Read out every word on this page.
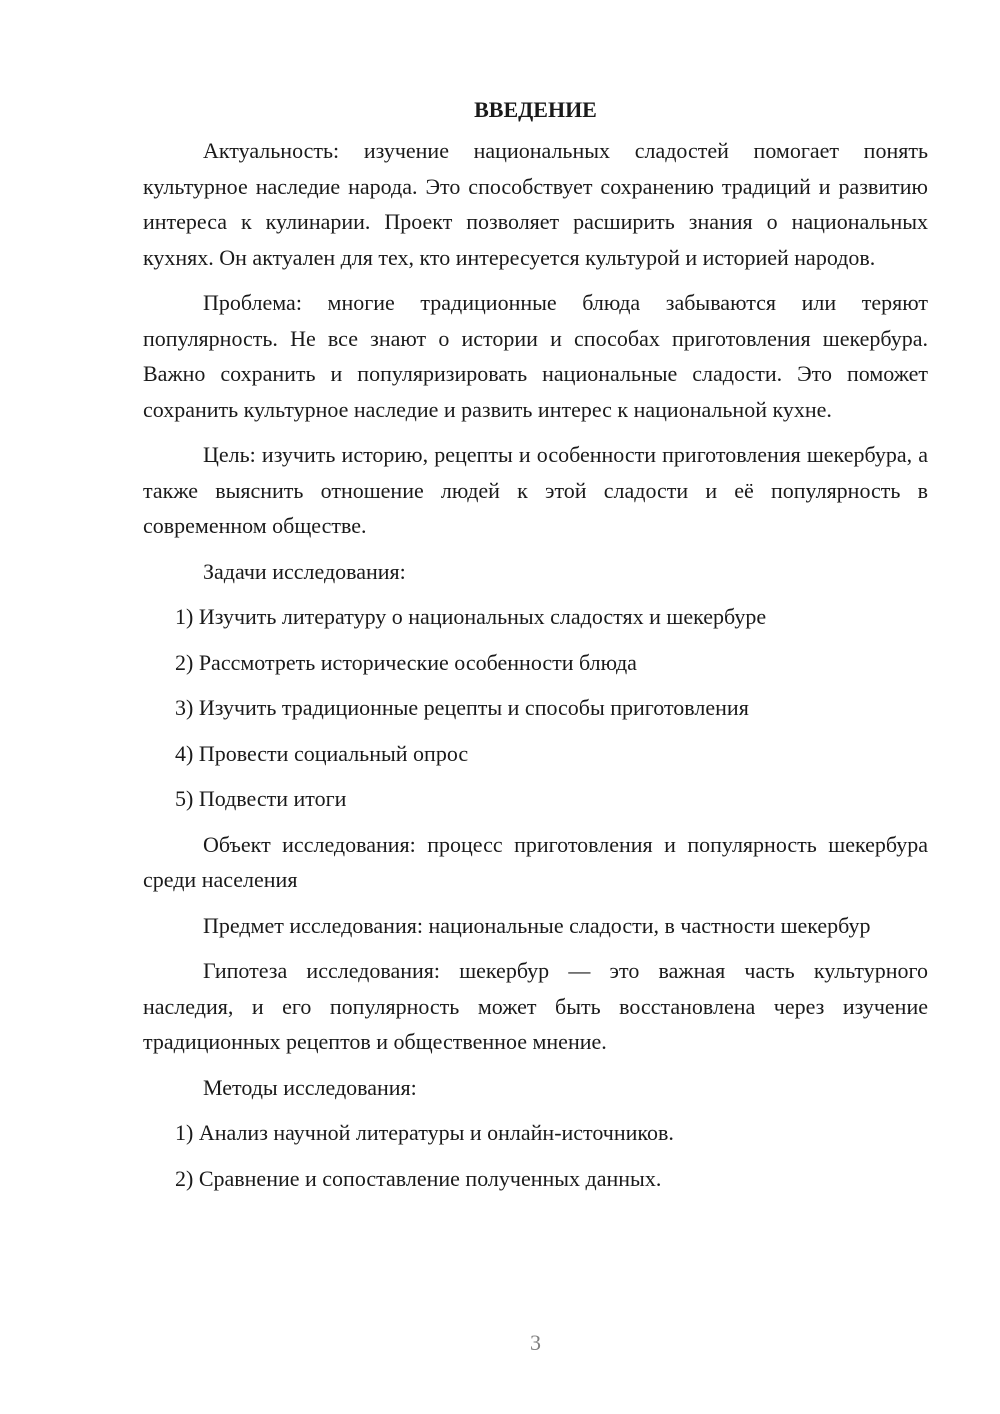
ВВЕДЕНИЕ

Актуальность: изучение национальных сладостей помогает понять культурное наследие народа. Это способствует сохранению традиций и развитию интереса к кулинарии. Проект позволяет расширить знания о национальных кухнях. Он актуален для тех, кто интересуется культурой и историей народов.

Проблема: многие традиционные блюда забываются или теряют популярность. Не все знают о истории и способах приготовления шекербура. Важно сохранить и популяризировать национальные сладости. Это поможет сохранить культурное наследие и развить интерес к национальной кухне.

Цель: изучить историю, рецепты и особенности приготовления шекербура, а также выяснить отношение людей к этой сладости и её популярность в современном обществе.

Задачи исследования:

1) Изучить литературу о национальных сладостях и шекербуре
2) Рассмотреть исторические особенности блюда
3) Изучить традиционные рецепты и способы приготовления
4) Провести социальный опрос
5) Подвести итоги

Объект исследования: процесс приготовления и популярность шекербура среди населения

Предмет исследования: национальные сладости, в частности шекербур

Гипотеза исследования: шекербур — это важная часть культурного наследия, и его популярность может быть восстановлена через изучение традиционных рецептов и общественное мнение.

Методы исследования:

1) Анализ научной литературы и онлайн-источников.
2) Сравнение и сопоставление полученных данных.
3
